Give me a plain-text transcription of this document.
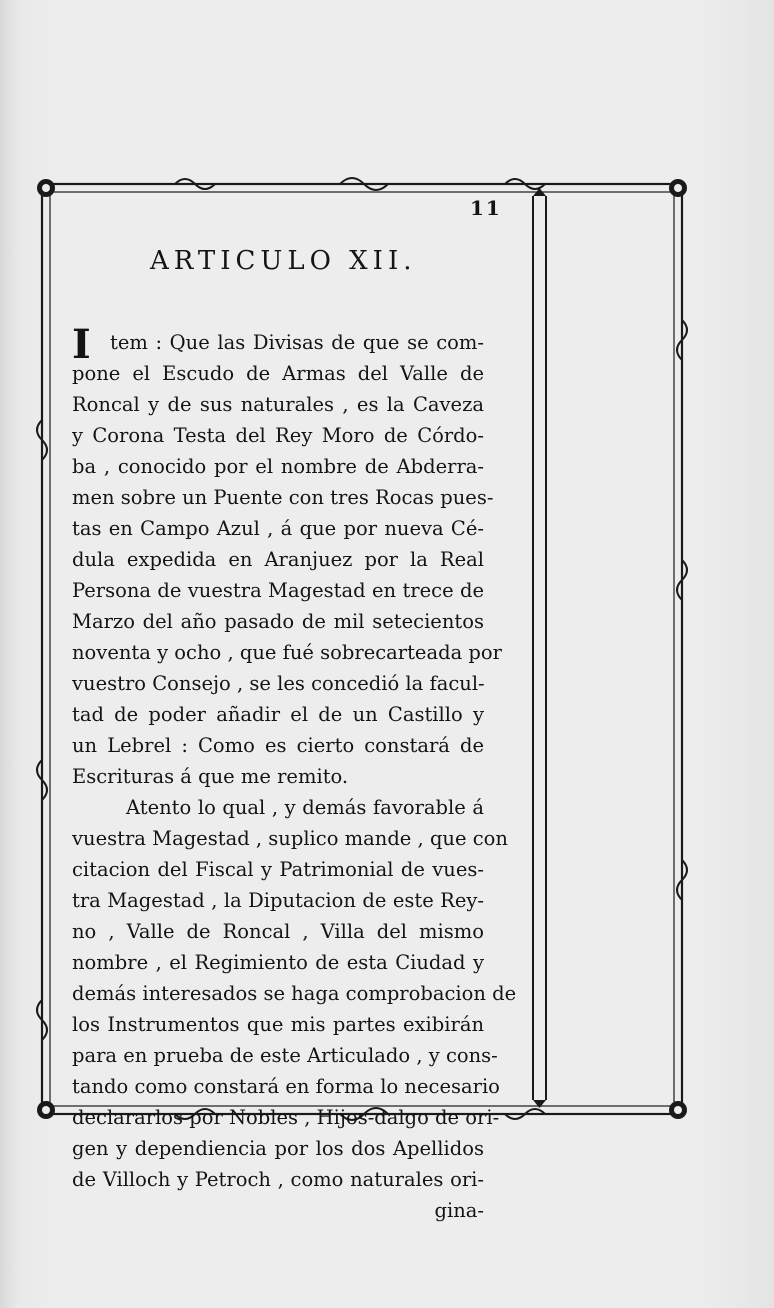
11
ARTICULO XII.
I tem : Que las Divisas de que se com-
pone el Escudo de Armas del Valle de
Roncal y de sus naturales , es la Caveza
y Corona Testa del Rey Moro de Córdo-
ba , conocido por el nombre de Abderra-
men sobre un Puente con tres Rocas pues-
tas en Campo Azul , á que por nueva Cé-
dula expedida en Aranjuez por la Real
Persona de vuestra Magestad en trece de
Marzo del año pasado de mil setecientos
noventa y ocho , que fué sobrecarteada por
vuestro Consejo , se les concedió la facul-
tad de poder añadir el de un Castillo y
un Lebrel : Como es cierto constará de
Escrituras á que me remito.
Atento lo qual , y demás favorable á
vuestra Magestad , suplico mande , que con
citacion del Fiscal y Patrimonial de vues-
tra Magestad , la Diputacion de este Rey-
no , Valle de Roncal , Villa del mismo
nombre , el Regimiento de esta Ciudad y
demás interesados se haga comprobacion de
los Instrumentos que mis partes exibirán
para en prueba de este Articulado , y cons-
tando como constará en forma lo necesario
declararlos por Nobles , Hijos-dalgo de ori-
gen y dependiencia por los dos Apellidos
de Villoch y Petroch , como naturales ori-
gina-
